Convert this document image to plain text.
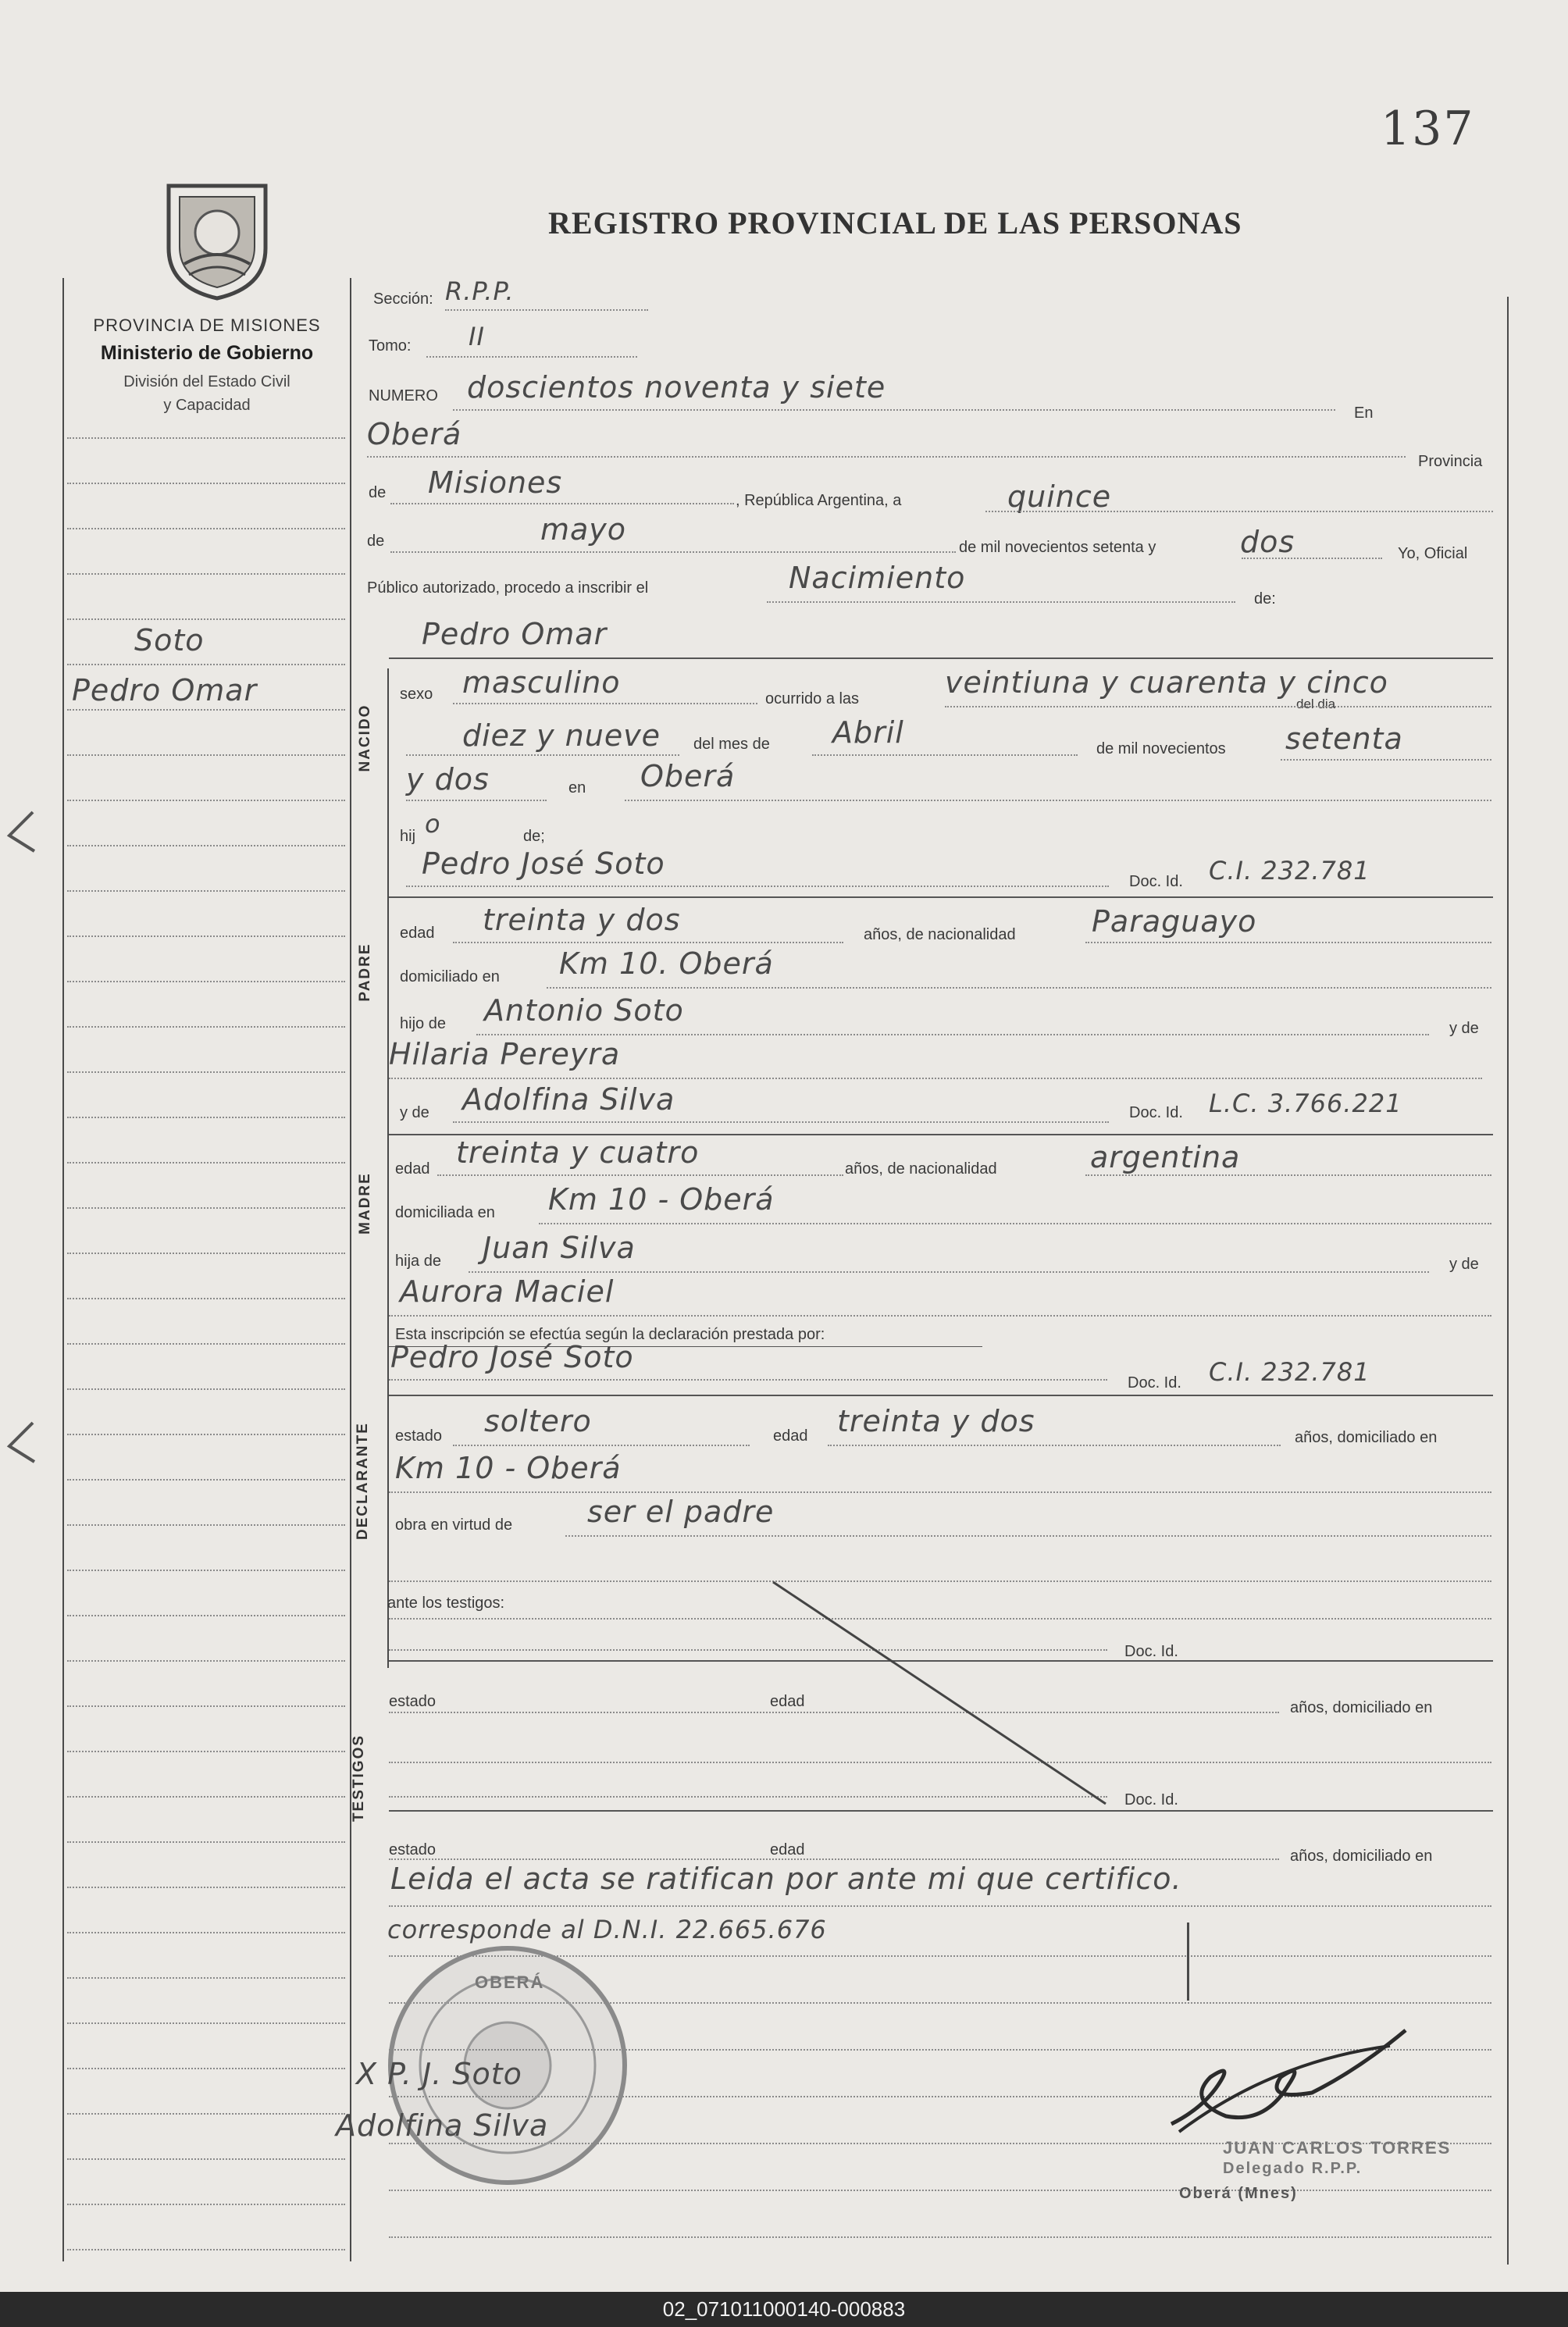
137
REGISTRO PROVINCIAL DE LAS PERSONAS
PROVINCIA DE MISIONES
Ministerio de Gobierno
División del Estado Civil
y Capacidad
Soto
Pedro Omar
Sección: R.P.P.
Tomo: II
NUMERO doscientos noventa y siete
En
Oberá
Provincia
de Misiones
, República Argentina, a	quince
de	mayo
de mil novecientos setenta y	dos	Yo, Oficial
Público autorizado, procedo a inscribir el	Nacimiento
de:
NACIDO
Pedro Omar
sexo masculino	ocurrido a las	veintiuna y cuarenta y cinco
del dia
diez y nueve del mes de Abril	de mil novecientos setenta
y dos	en Oberá
hij o	de;
Pedro José Soto
Doc. Id. C.I. 232.781
PADRE
edad treinta y dos	años, de nacionalidad	Paraguayo
domiciliado en Km 10. Oberá
hijo de Antonio Soto
y de
Hilaria Pereyra
y de Adolfina Silva	Doc. Id. L.C. 3.766.221
MADRE
edad treinta y cuatro	años, de nacionalidad	argentina
domiciliada en Km 10 - Oberá
hija de Juan Silva	y de
Aurora Maciel
Esta inscripción se efectúa según la declaración prestada por:
DECLARANTE
Pedro José Soto
Doc. Id. C.I. 232.781
estado soltero	edad treinta y dos	años, domiciliado en
Km 10 - Oberá
obra en virtud de	ser el padre
ante los testigos:
TESTIGOS
Doc. Id.
estado	edad	años, domiciliado en
Doc. Id.
estado	edad	años, domiciliado en
Leida el acta se ratifican por ante mi que certifico.
corresponde al D.N.I. 22.665.676
OBERÁ
X P. J. Soto
Adolfina Silva
JUAN CARLOS TORRES
Delegado R.P.P.
Oberá (Mnes)
02_071011000140-000883
